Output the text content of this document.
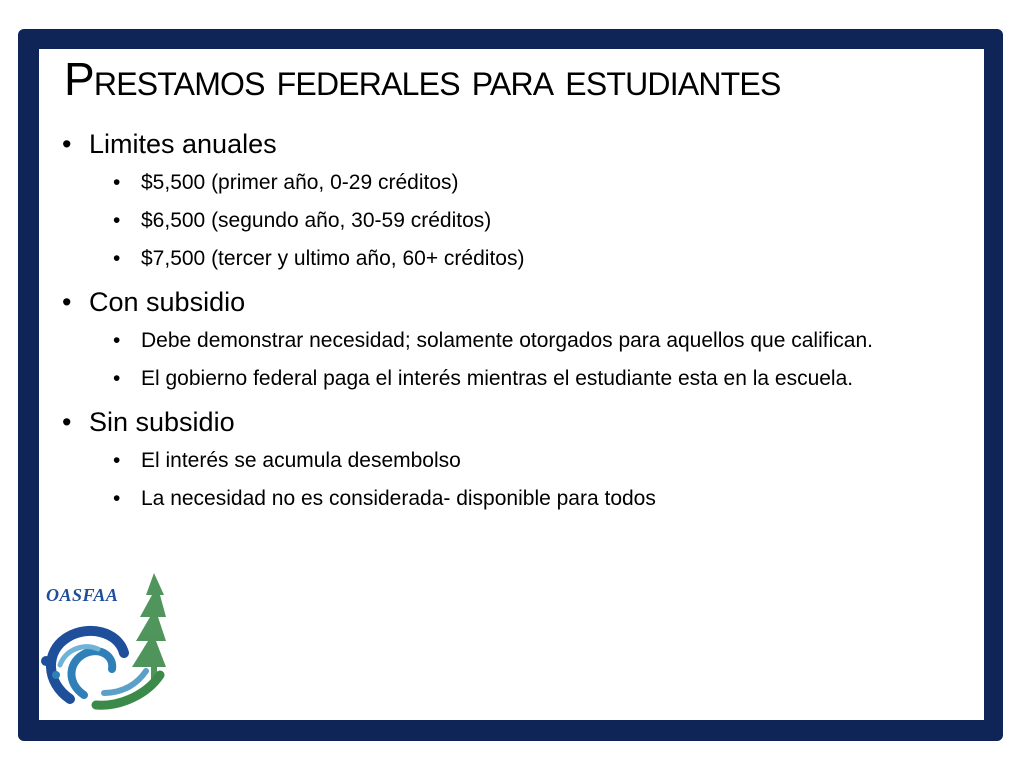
Prestamos federales para estudiantes
• Limites anuales
• $5,500 (primer año, 0-29 créditos)
• $6,500 (segundo año, 30-59 créditos)
• $7,500 (tercer y ultimo año, 60+ créditos)
• Con subsidio
• Debe demonstrar necesidad; solamente otorgados para aquellos que califican.
• El gobierno federal paga el interés mientras el estudiante esta en la escuela.
• Sin subsidio
• El interés se acumula desembolso
• La necesidad no es considerada- disponible para todos
OASFAA
